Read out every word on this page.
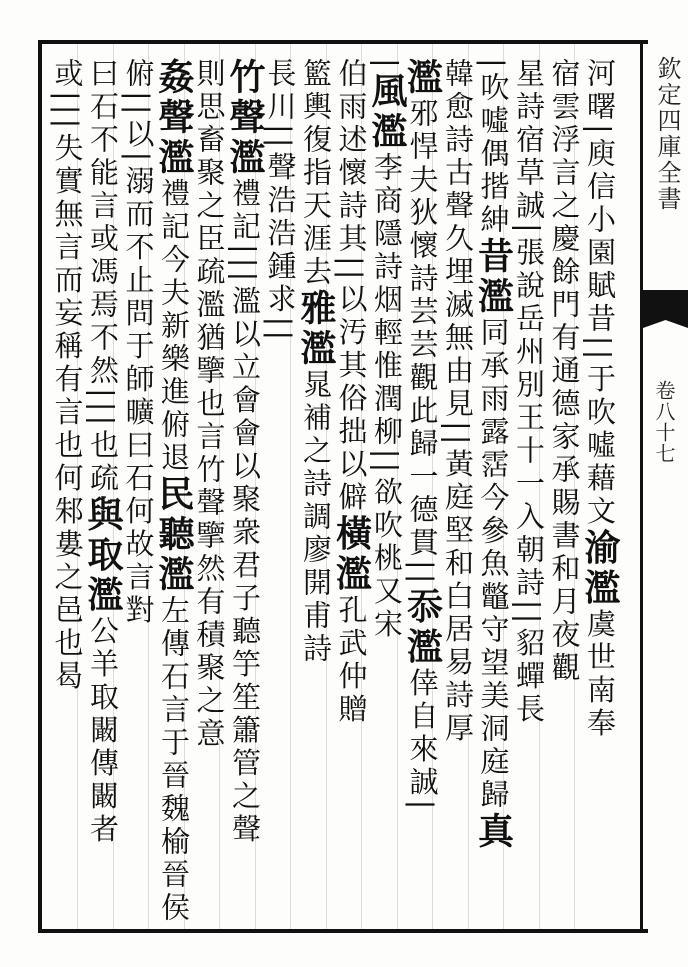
欽定四庫全書
卷八十七
河曙|庾信小園賦昔||于吹噓藉文渝濫虞世南奉
宿雲浮言之慶餘門有通德家承賜書和月夜觀
星詩宿草誠|張說岳州別王十一入朝詩||貂蟬長
|吹噓偶揩紳昔濫同承雨露霑今參魚鼈守望美洞庭歸真
韓愈詩古聲久埋滅無由見||黃庭堅和白居易詩厚
濫邪悍夫狄懷詩芸芸觀此歸一德貫||忝濫倖自來誠|
|風濫李商隱詩烟輕惟潤柳||欲吹桃又宋
伯雨述懷詩其||以汚其俗拙以僻橫濫孔武仲贈
籃輿復指天涯去雅濫晁補之詩調廖開甫詩
長川||聲浩浩鍾求||
竹聲濫禮記|||濫以立會會以聚衆君子聽竽笙簫管之聲
則思畜聚之臣疏濫猶擥也言竹聲擥然有積聚之意
姦聲濫禮記今夫新樂進俯退民聽濫左傳石言于晉魏榆晉侯
俯||以|溺而不止問于師曠曰石何故言對
曰石不能言或馮焉不然|||也疏與取濫公羊取闞傳闞者
或|||失實無言而妄稱有言也何邾婁之邑也曷
